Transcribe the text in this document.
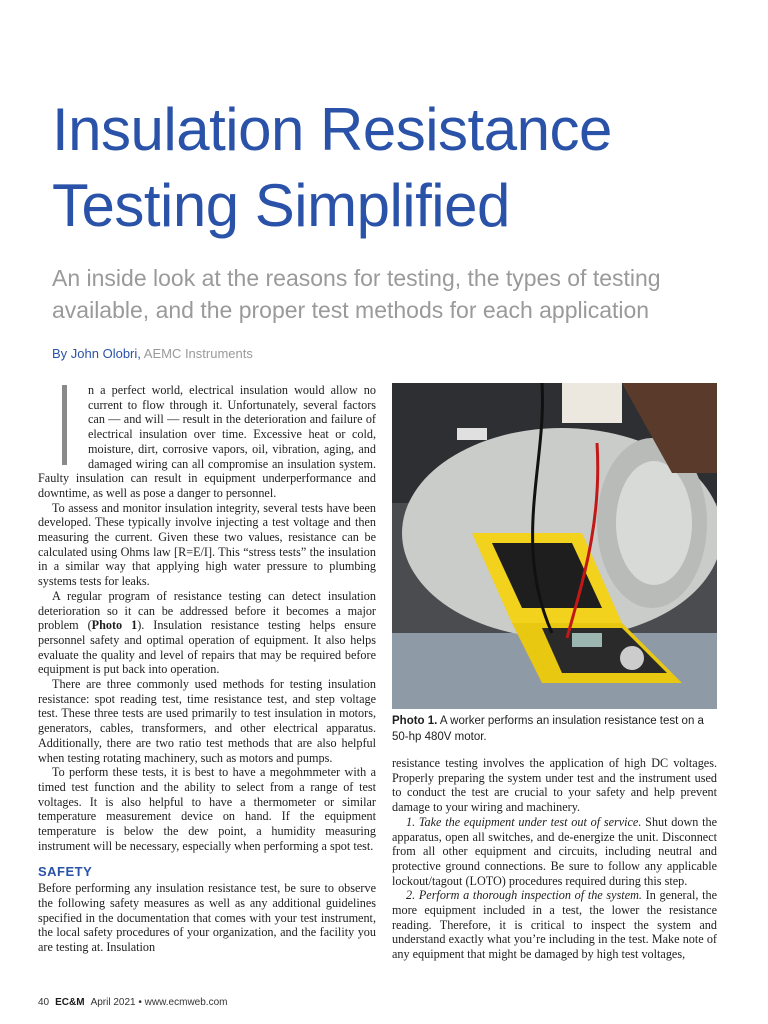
Insulation Resistance
Testing Simplified
An inside look at the reasons for testing, the types of testing
available, and the proper test methods for each application
By John Olobri, AEMC Instruments

n a perfect world, electrical insulation would allow no current to flow through it. Unfortunately, several factors can — and will — result in the deterioration and failure of electrical insulation over time. Excessive heat or cold, moisture, dirt, corrosive vapors, oil, vibration, aging, and damaged wiring can all compromise an insulation system. Faulty insulation can result in equipment underperformance and downtime, as well as pose a danger to personnel.

To assess and monitor insulation integrity, several tests have been developed. These typically involve injecting a test voltage and then measuring the current. Given these two values, resistance can be calculated using Ohms law [R=E/I]. This “stress tests” the insulation in a similar way that applying high water pressure to plumbing systems tests for leaks.

A regular program of resistance testing can detect insulation deterioration so it can be addressed before it becomes a major problem (Photo 1). Insulation resistance testing helps ensure personnel safety and optimal operation of equipment. It also helps evaluate the quality and level of repairs that may be required before equipment is put back into operation.

There are three commonly used methods for testing insulation resistance: spot reading test, time resistance test, and step voltage test. These three tests are used primarily to test insulation in motors, generators, cables, transformers, and other electrical apparatus. Additionally, there are two ratio test methods that are also helpful when testing rotating machinery, such as motors and pumps.

To perform these tests, it is best to have a megohmmeter with a timed test function and the ability to select from a range of test voltages. It is also helpful to have a thermometer or similar temperature measurement device on hand. If the equipment temperature is below the dew point, a humidity measuring instrument will be necessary, especially when performing a spot test.

SAFETY

Before performing any insulation resistance test, be sure to observe the following safety measures as well as any additional guidelines specified in the documentation that comes with your test instrument, the local safety procedures of your organization, and the facility you are testing at. Insulation

Photo 1. A worker performs an insulation resistance test on a 50-hp 480V motor.

resistance testing involves the application of high DC voltages. Properly preparing the system under test and the instrument used to conduct the test are crucial to your safety and help prevent damage to your wiring and machinery.

1. Take the equipment under test out of service. Shut down the apparatus, open all switches, and de-energize the unit. Disconnect from all other equipment and circuits, including neutral and protective ground connections. Be sure to follow any applicable lockout/tagout (LOTO) procedures required during this step.

2. Perform a thorough inspection of the system. In general, the more equipment included in a test, the lower the resistance reading. Therefore, it is critical to inspect the system and understand exactly what you’re including in the test. Make note of any equipment that might be damaged by high test voltages,

40 EC&M April 2021 • www.ecmweb.com
